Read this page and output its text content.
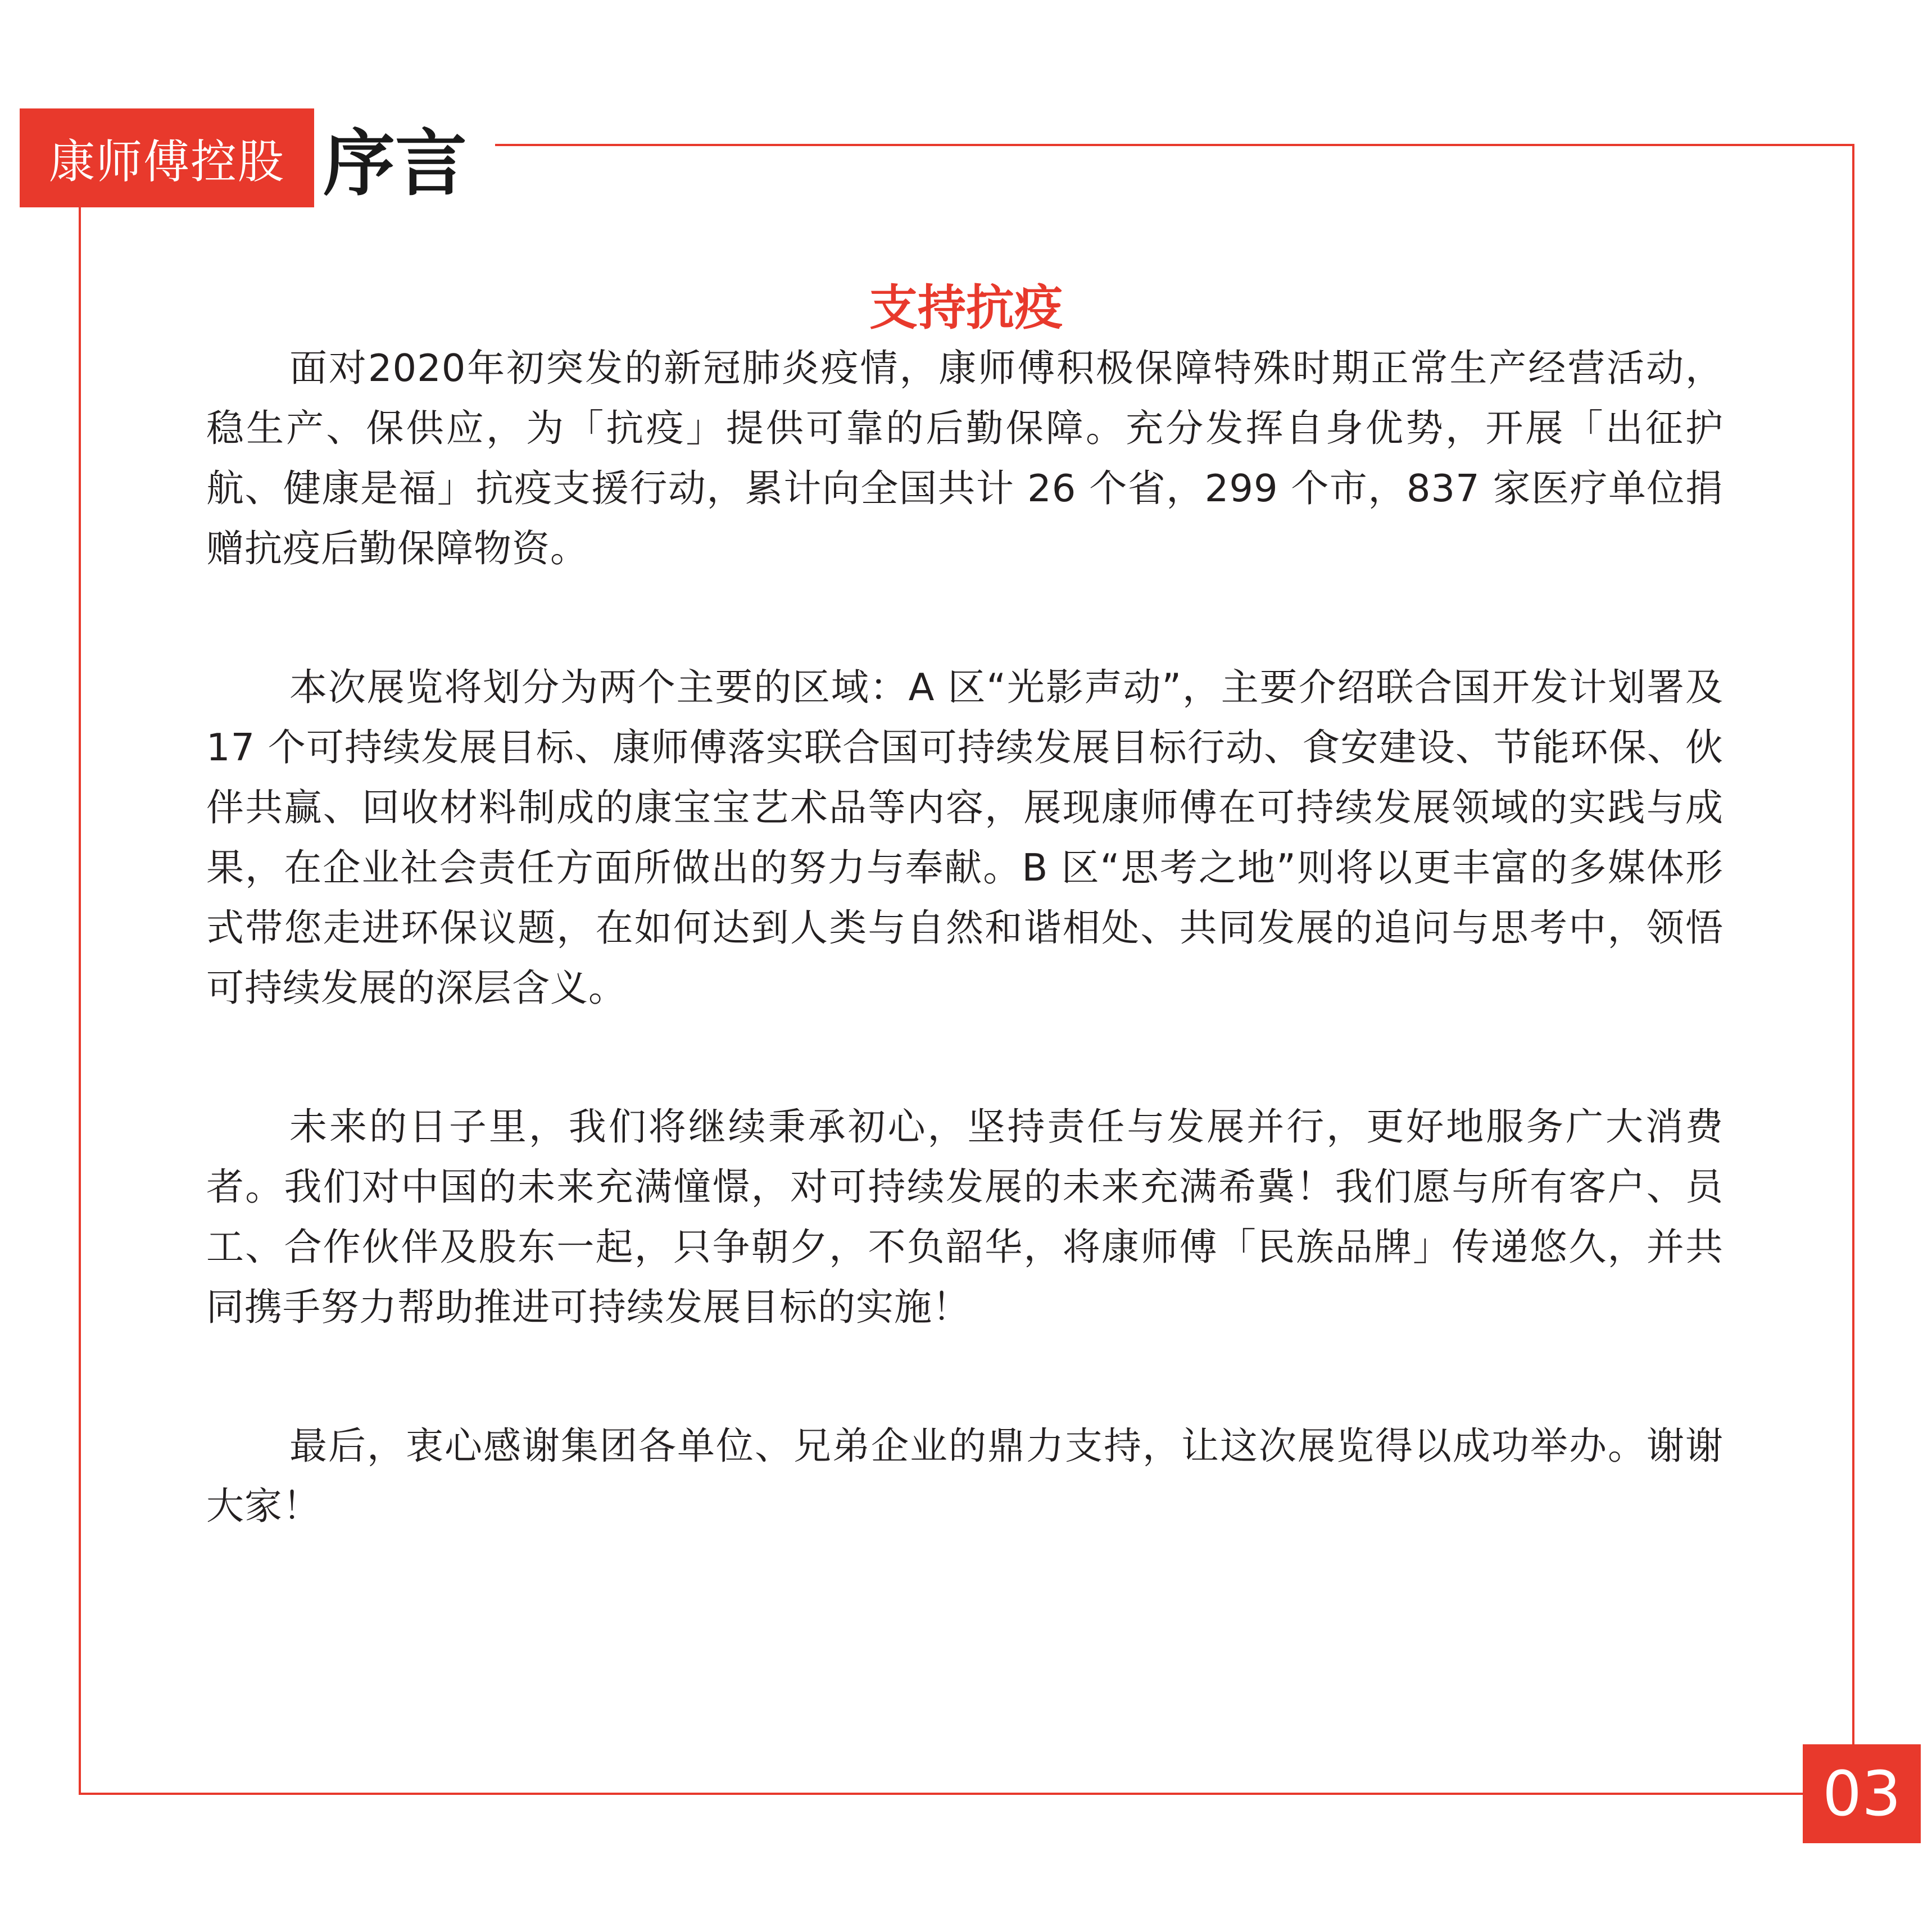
康师傅控股 序言
支持抗疫

面对2020年初突发的新冠肺炎疫情，康师傅积极保障特殊时期正常生产经营活动，稳生产、保供应，为「抗疫」提供可靠的后勤保障。充分发挥自身优势，开展「出征护航、健康是福」抗疫支援行动，累计向全国共计 26 个省，299 个市，837 家医疗单位捐赠抗疫后勤保障物资。

本次展览将划分为两个主要的区域：A 区“光影声动”，主要介绍联合国开发计划署及 17 个可持续发展目标、康师傅落实联合国可持续发展目标行动、食安建设、节能环保、伙伴共赢、回收材料制成的康宝宝艺术品等内容，展现康师傅在可持续发展领域的实践与成果，在企业社会责任方面所做出的努力与奉献。B 区“思考之地”则将以更丰富的多媒体形式带您走进环保议题，在如何达到人类与自然和谐相处、共同发展的追问与思考中，领悟可持续发展的深层含义。

未来的日子里，我们将继续秉承初心，坚持责任与发展并行，更好地服务广大消费者。我们对中国的未来充满憧憬，对可持续发展的未来充满希冀！我们愿与所有客户、员工、合作伙伴及股东一起，只争朝夕，不负韶华，将康师傅「民族品牌」传递悠久，并共同携手努力帮助推进可持续发展目标的实施！

最后，衷心感谢集团各单位、兄弟企业的鼎力支持，让这次展览得以成功举办。谢谢大家！

03
